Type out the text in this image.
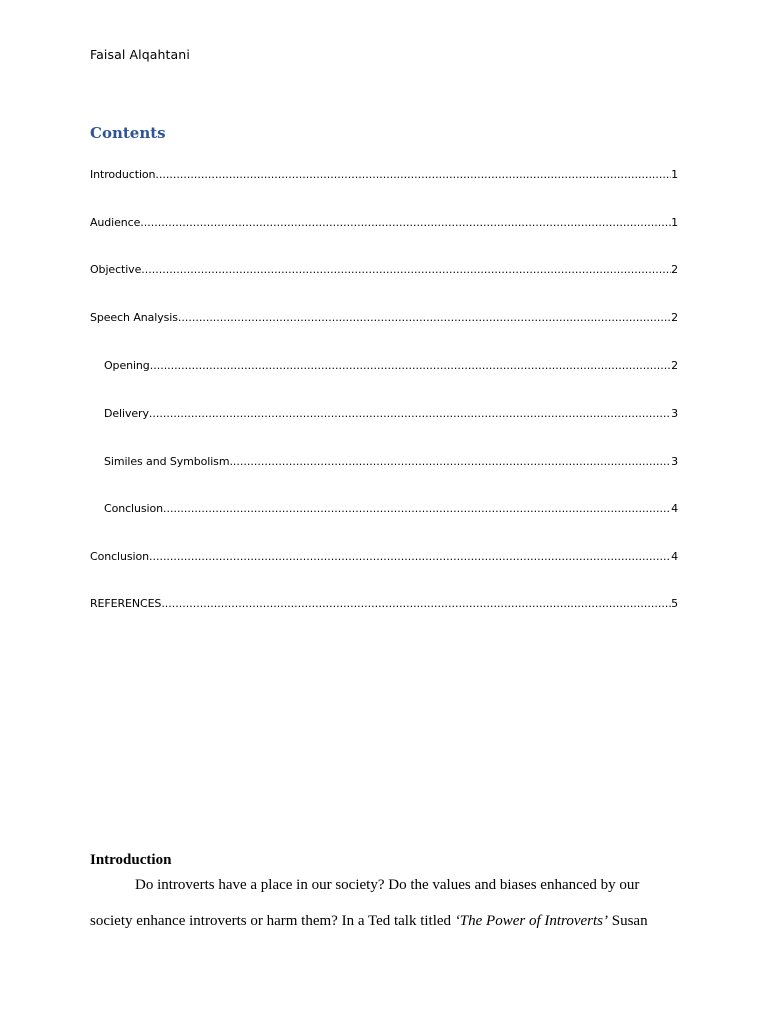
Faisal Alqahtani
Contents
Introduction .....	1
Audience .....	1
Objective .....	2
Speech Analysis .....	2
Opening .....	2
Delivery .....	3
Similes and Symbolism .....	3
Conclusion .....	4
Conclusion .....	4
REFERENCES .....	5
Introduction
Do introverts have a place in our society? Do the values and biases enhanced by our
society enhance introverts or harm them? In a Ted talk titled ‘The Power of Introverts’ Susan
